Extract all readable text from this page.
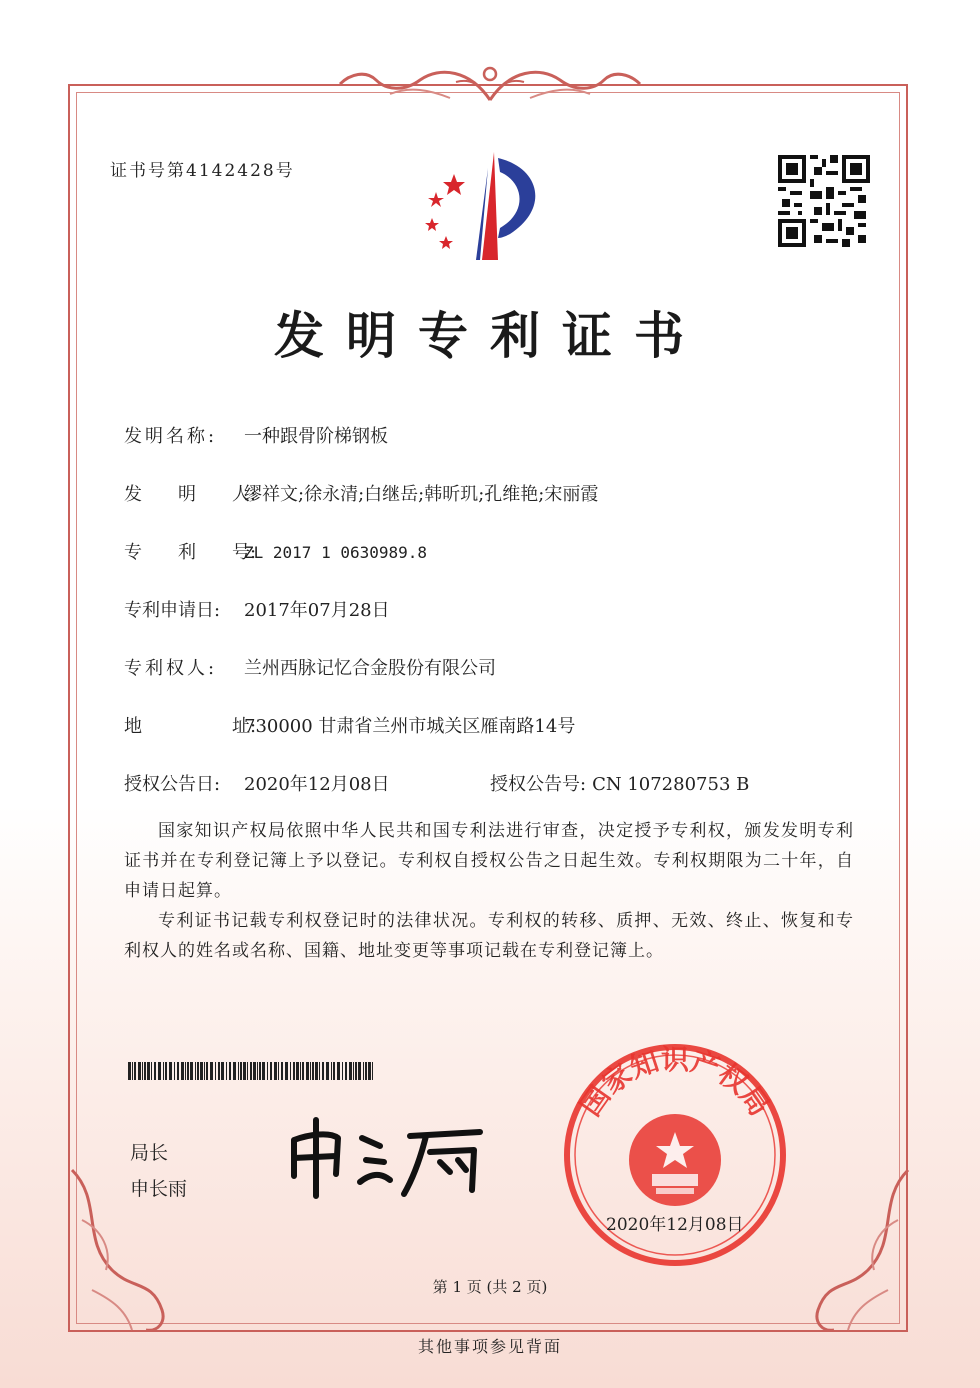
证书号第4142428号
发明专利证书
发明名称: 一种跟骨阶梯钢板
发　　明　　人:缪祥文;徐永清;白继岳;韩昕玑;孔维艳;宋丽霞
专　　利　　号:ZL 2017 1 0630989.8
专利申请日: 2017年07月28日
专利权人: 兰州西脉记忆合金股份有限公司
地　　　　　址:730000 甘肃省兰州市城关区雁南路14号
授权公告日: 2020年12月08日	授权公告号: CN 107280753 B
国家知识产权局依照中华人民共和国专利法进行审查，决定授予专利权，颁发发明专利证书并在专利登记簿上予以登记。专利权自授权公告之日起生效。专利权期限为二十年，自申请日起算。
专利证书记载专利权登记时的法律状况。专利权的转移、质押、无效、终止、恢复和专利权人的姓名或名称、国籍、地址变更等事项记载在专利登记簿上。
局长
申长雨
国家知识产权局
2020年12月08日
第 1 页 (共 2 页)
其他事项参见背面
